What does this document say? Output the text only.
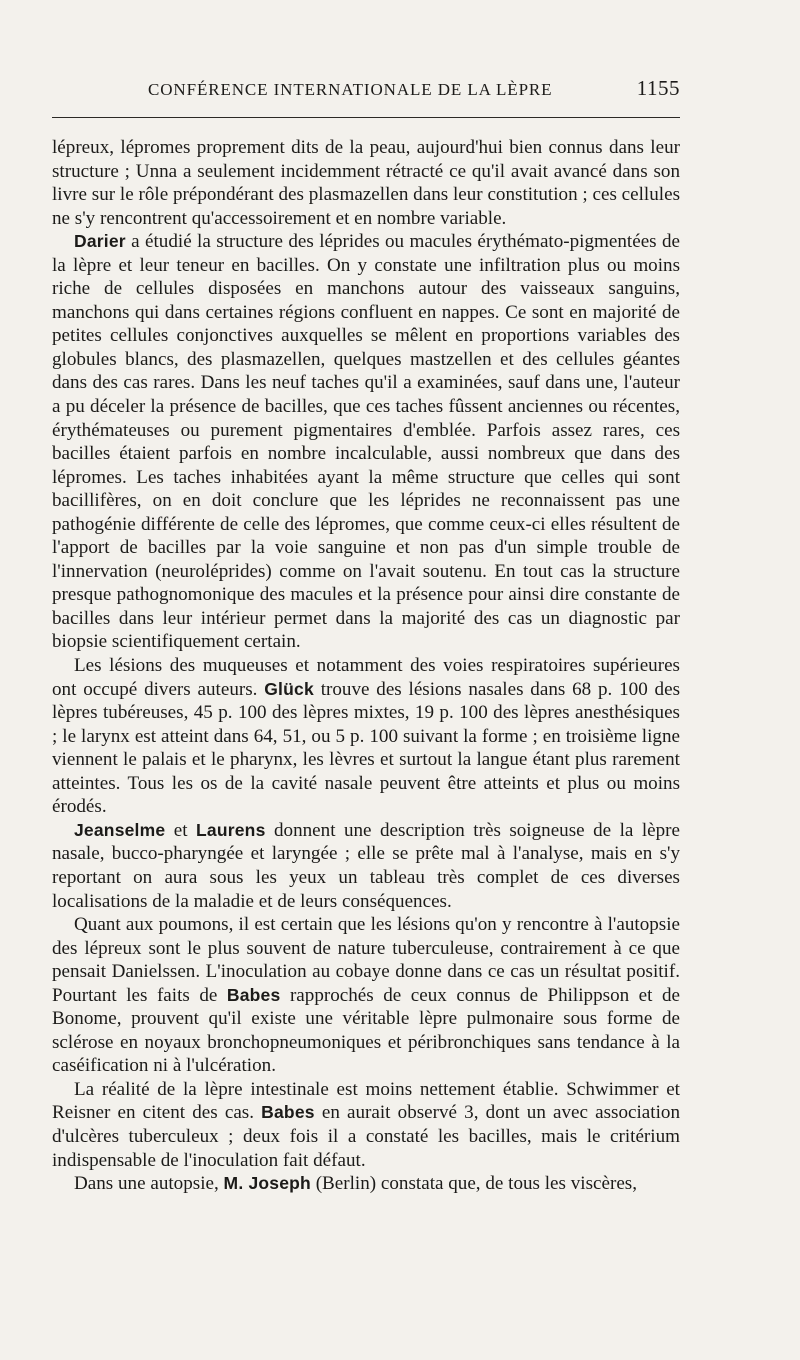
CONFÉRENCE INTERNATIONALE DE LA LÈPRE	1155

lépreux, lépromes proprement dits de la peau, aujourd'hui bien connus dans leur structure ; Unna a seulement incidemment rétracté ce qu'il avait avancé dans son livre sur le rôle prépondérant des plasmazellen dans leur constitution ; ces cellules ne s'y rencontrent qu'accessoirement et en nombre variable.

Darier a étudié la structure des léprides ou macules érythémato-pigmentées de la lèpre et leur teneur en bacilles. On y constate une infiltration plus ou moins riche de cellules disposées en manchons autour des vaisseaux sanguins, manchons qui dans certaines régions confluent en nappes. Ce sont en majorité de petites cellules conjonctives auxquelles se mêlent en proportions variables des globules blancs, des plasmazellen, quelques mastzellen et des cellules géantes dans des cas rares. Dans les neuf taches qu'il a examinées, sauf dans une, l'auteur a pu déceler la présence de bacilles, que ces taches fûssent anciennes ou récentes, érythémateuses ou purement pigmentaires d'emblée. Parfois assez rares, ces bacilles étaient parfois en nombre incalculable, aussi nombreux que dans des lépromes. Les taches inhabitées ayant la même structure que celles qui sont bacillifères, on en doit conclure que les léprides ne reconnaissent pas une pathogénie différente de celle des lépromes, que comme ceux-ci elles résultent de l'apport de bacilles par la voie sanguine et non pas d'un simple trouble de l'innervation (neuroléprides) comme on l'avait soutenu. En tout cas la structure presque pathognomonique des macules et la présence pour ainsi dire constante de bacilles dans leur intérieur permet dans la majorité des cas un diagnostic par biopsie scientifiquement certain.

Les lésions des muqueuses et notamment des voies respiratoires supérieures ont occupé divers auteurs. Glück trouve des lésions nasales dans 68 p. 100 des lèpres tubéreuses, 45 p. 100 des lèpres mixtes, 19 p. 100 des lèpres anesthésiques ; le larynx est atteint dans 64, 51, ou 5 p. 100 suivant la forme ; en troisième ligne viennent le palais et le pharynx, les lèvres et surtout la langue étant plus rarement atteintes. Tous les os de la cavité nasale peuvent être atteints et plus ou moins érodés.

Jeanselme et Laurens donnent une description très soigneuse de la lèpre nasale, bucco-pharyngée et laryngée ; elle se prête mal à l'analyse, mais en s'y reportant on aura sous les yeux un tableau très complet de ces diverses localisations de la maladie et de leurs conséquences.

Quant aux poumons, il est certain que les lésions qu'on y rencontre à l'autopsie des lépreux sont le plus souvent de nature tuberculeuse, contrairement à ce que pensait Danielssen. L'inoculation au cobaye donne dans ce cas un résultat positif. Pourtant les faits de Babes rapprochés de ceux connus de Philippson et de Bonome, prouvent qu'il existe une véritable lèpre pulmonaire sous forme de sclérose en noyaux bronchopneumoniques et péribronchiques sans tendance à la caséification ni à l'ulcération.

La réalité de la lèpre intestinale est moins nettement établie. Schwimmer et Reisner en citent des cas. Babes en aurait observé 3, dont un avec association d'ulcères tuberculeux ; deux fois il a constaté les bacilles, mais le critérium indispensable de l'inoculation fait défaut.

Dans une autopsie, M. Joseph (Berlin) constata que, de tous les viscères,
